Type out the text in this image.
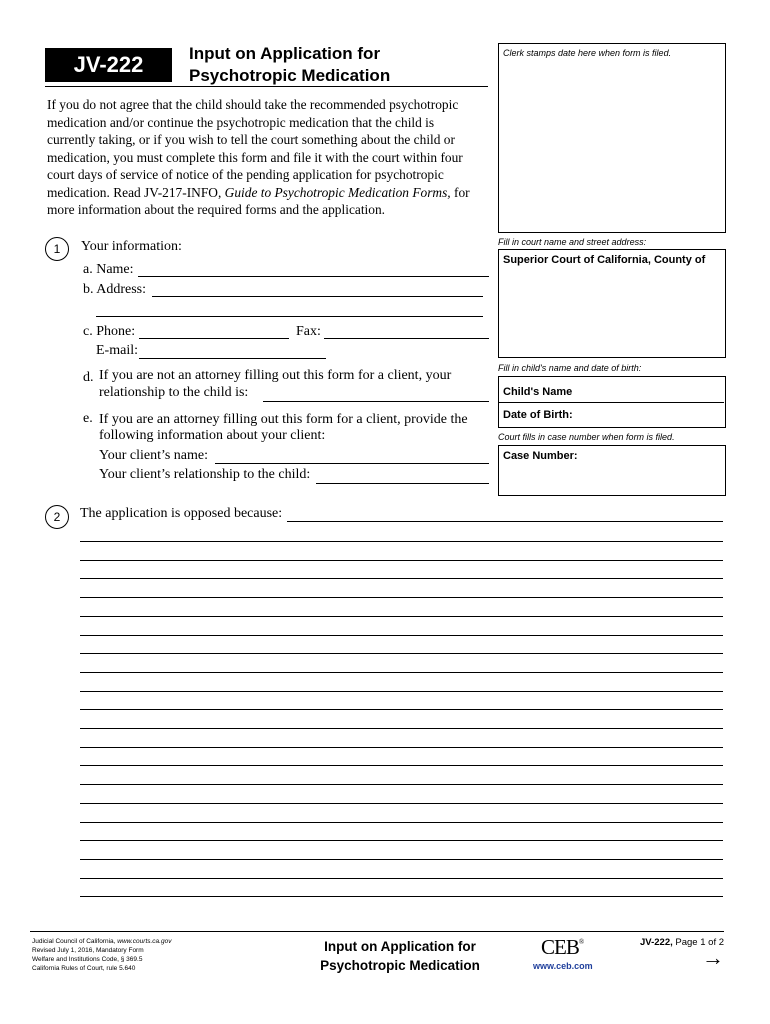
JV-222	Input on Application for
Psychotropic Medication
If you do not agree that the child should take the recommended psychotropic
medication and/or continue the psychotropic medication that the child is
currently taking, or if you wish to tell the court something about the child or
medication, you must complete this form and file it with the court within four
court days of service of notice of the pending application for psychotropic
medication. Read JV-217-INFO, Guide to Psychotropic Medication Forms, for
more information about the required forms and the application.
Clerk stamps date here when form is filed.
Fill in court name and street address:
Superior Court of California, County of
Fill in child's name and date of birth:
Child's Name
Date of Birth:
Court fills in case number when form is filed.
Case Number:
1	Your information:
a. Name:
b. Address:
c. Phone:	Fax:
E-mail:
d. If you are not an attorney filling out this form for a client, your
relationship to the child is:
e. If you are an attorney filling out this form for a client, provide the
following information about your client:
Your client’s name:
Your client’s relationship to the child:
2	The application is opposed because:
Judicial Council of California, www.courts.ca.gov
Revised July 1, 2016, Mandatory Form
Welfare and Institutions Code, § 369.5
California Rules of Court, rule 5.640
Input on Application for
Psychotropic Medication
CEB®
www.ceb.com
JV-222, Page 1 of 2
→
